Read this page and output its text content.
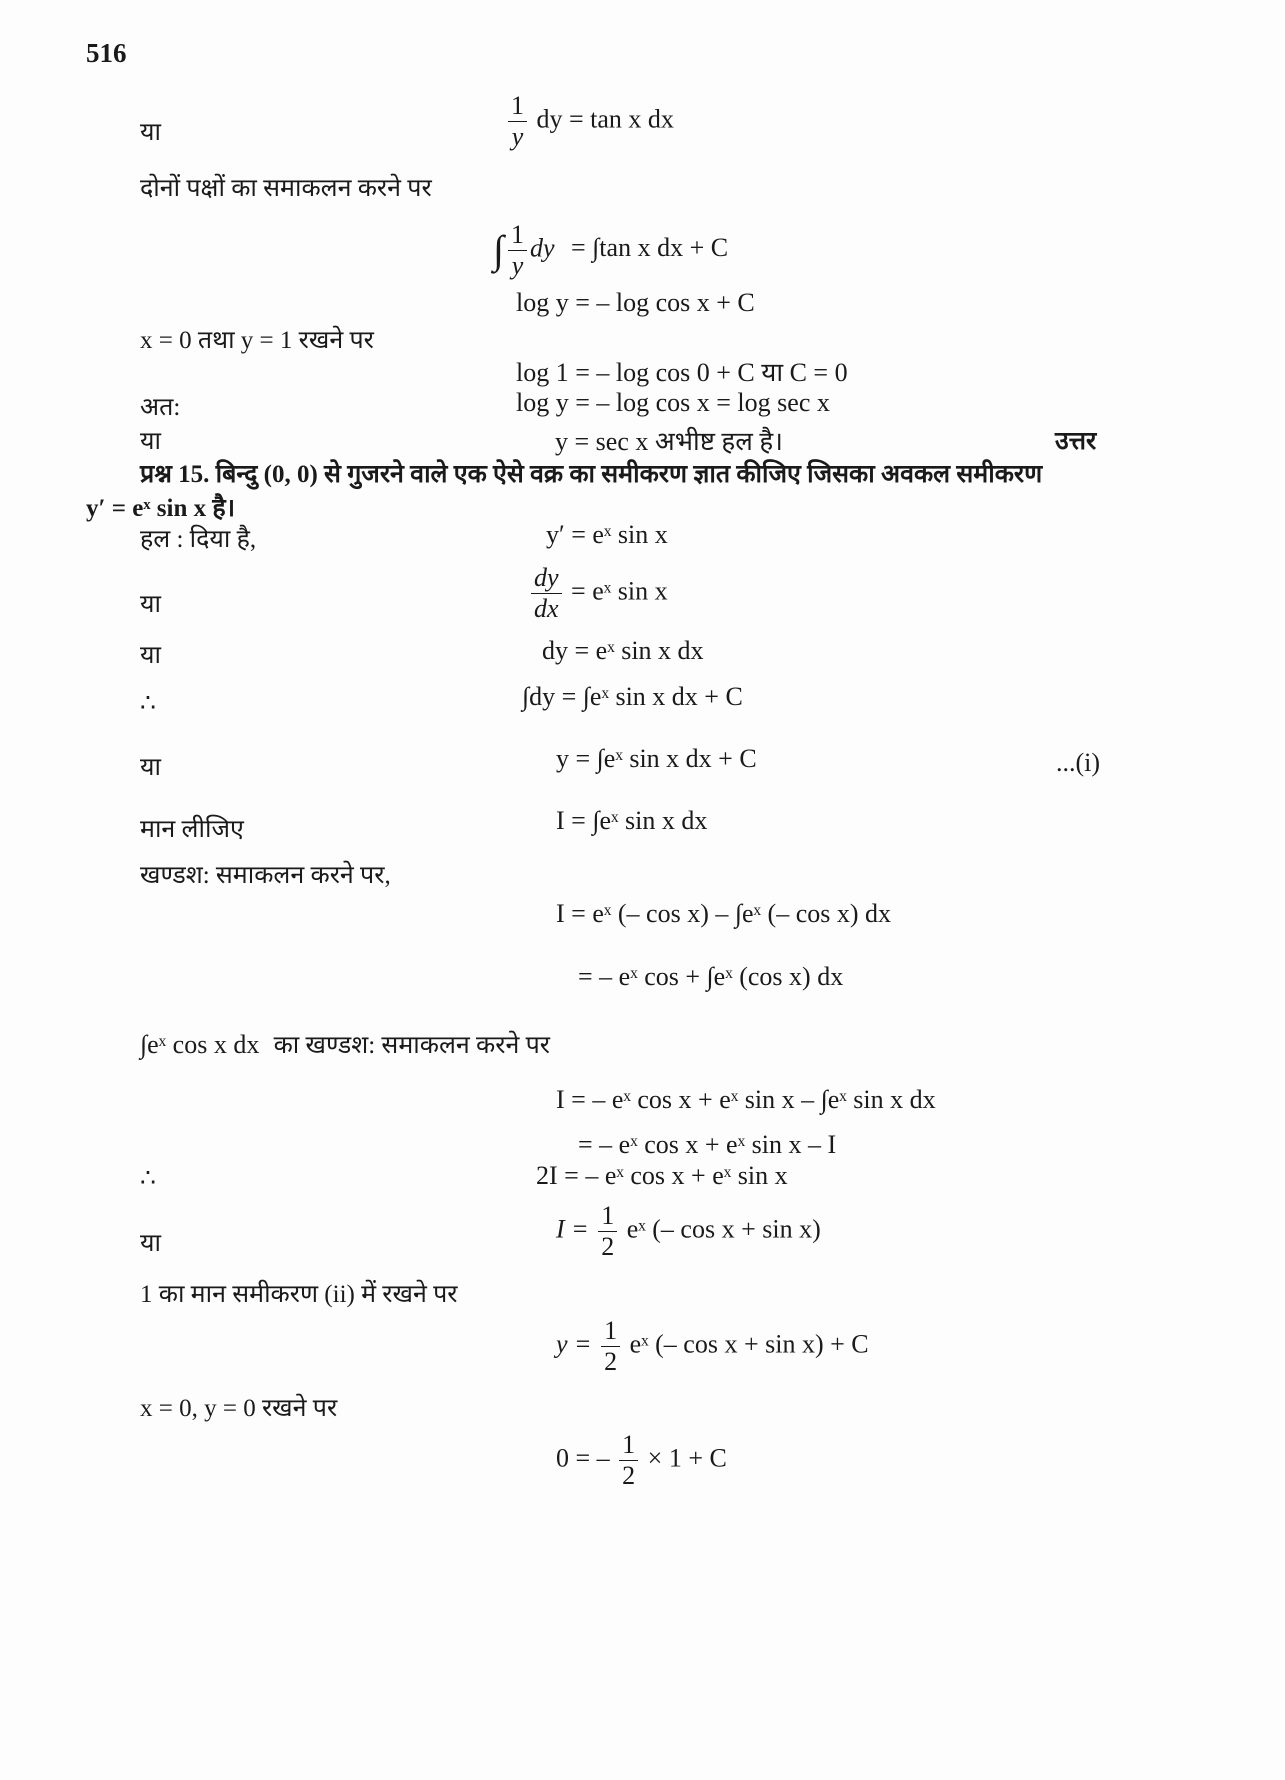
516
या	$\frac{1}{y}$ dy = tan x dx
दोनों पक्षों का समाकलन करने पर
∫ $\frac{1}{y}$ dy = ∫tan x dx + C
log y = – log cos x + C
x = 0 तथा y = 1 रखने पर
log 1 = – log cos 0 + C या C = 0
अत:	log y = – log cos x = log sec x
या	y = sec x अभीष्ट हल है।	उत्तर
प्रश्न 15. बिन्दु (0, 0) से गुजरने वाले एक ऐसे वक्र का समीकरण ज्ञात कीजिए जिसका अवकल समीकरण
y′ = eˣ sin x है।
हल : दिया है,	y′ = eˣ sin x
या	$\frac{dy}{dx}$ = eˣ sin x
या	dy = eˣ sin x dx
∴	∫dy = ∫eˣ sin x dx + C
या	y = ∫eˣ sin x dx + C	...(i)
मान लीजिए	I = ∫eˣ sin x dx
खण्डश: समाकलन करने पर,
I = eˣ (– cos x) – ∫eˣ (– cos x) dx
= – eˣ cos + ∫eˣ (cos x) dx
∫eˣ cos x dx का खण्डश: समाकलन करने पर
I = – eˣ cos x + eˣ sin x – ∫eˣ sin x dx
= – eˣ cos x + eˣ sin x – I
∴	2I = – eˣ cos x + eˣ sin x
या
$I = \frac{1}{2}$ eˣ (– cos x + sin x)
1 का मान समीकरण (ii) में रखने पर
$y = \frac{1}{2}$ eˣ (– cos x + sin x) + C
x = 0, y = 0 रखने पर
0 = – $\frac{1}{2} \times 1 + C$
